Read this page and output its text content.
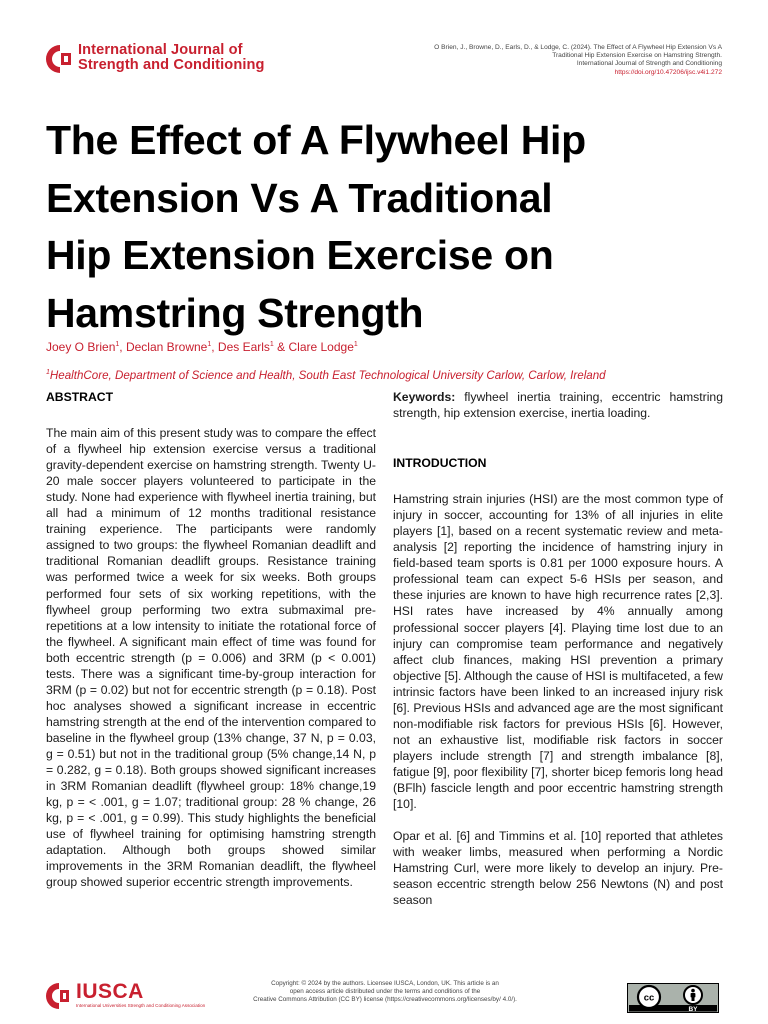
International Journal of
Strength and Conditioning
O Brien, J., Browne, D., Earls, D., & Lodge, C. (2024). The Effect of A Flywheel Hip Extension Vs A
Traditional Hip Extension Exercise on Hamstring Strength.
International Journal of Strength and Conditioning
https://doi.org/10.47206/ijsc.v4i1.272
The Effect of A Flywheel Hip
Extension Vs A Traditional
Hip Extension Exercise on
Hamstring Strength
Joey O Brien$^1$, Declan Browne$^1$, Des Earls$^1$ & Clare Lodge$^1$
$^1$HealthCore, Department of Science and Health, South East Technological University Carlow, Carlow, Ireland

ABSTRACT

The main aim of this present study was to compare the effect of a flywheel hip extension exercise versus a traditional gravity-dependent exercise on hamstring strength. Twenty U-20 male soccer players volunteered to participate in the study. None had experience with flywheel inertia training, but all had a minimum of 12 months traditional resistance training experience. The participants were randomly assigned to two groups: the flywheel Romanian deadlift and traditional Romanian deadlift groups. Resistance training was performed twice a week for six weeks. Both groups performed four sets of six working repetitions, with the flywheel group performing two extra submaximal pre-repetitions at a low intensity to initiate the rotational force of the flywheel. A significant main effect of time was found for both eccentric strength (p = 0.006) and 3RM (p < 0.001) tests. There was a significant time-by-group interaction for 3RM (p = 0.02) but not for eccentric strength (p = 0.18). Post hoc analyses showed a significant increase in eccentric hamstring strength at the end of the intervention compared to baseline in the flywheel group (13% change, 37 N, p = 0.03, g = 0.51) but not in the traditional group (5% change,14 N, p = 0.282, g = 0.18). Both groups showed significant increases in 3RM Romanian deadlift (flywheel group: 18% change,19 kg, p = < .001, g = 1.07; traditional group: 28 % change, 26 kg, p = < .001, g = 0.99). This study highlights the beneficial use of flywheel training for optimising hamstring strength adaptation. Although both groups showed similar improvements in the 3RM Romanian deadlift, the flywheel group showed superior eccentric strength improvements.

Keywords: flywheel inertia training, eccentric hamstring strength, hip extension exercise, inertia loading.

INTRODUCTION

Hamstring strain injuries (HSI) are the most common type of injury in soccer, accounting for 13% of all injuries in elite players [1], based on a recent systematic review and meta-analysis [2] reporting the incidence of hamstring injury in field-based team sports is 0.81 per 1000 exposure hours. A professional team can expect 5-6 HSIs per season, and these injuries are known to have high recurrence rates [2,3]. HSI rates have increased by 4% annually among professional soccer players [4]. Playing time lost due to an injury can compromise team performance and negatively affect club finances, making HSI prevention a primary objective [5]. Although the cause of HSI is multifaceted, a few intrinsic factors have been linked to an increased injury risk [6]. Previous HSIs and advanced age are the most significant non-modifiable risk factors for previous HSIs [6]. However, not an exhaustive list, modifiable risk factors in soccer players include strength [7] and strength imbalance [8], fatigue [9], poor flexibility [7], shorter bicep femoris long head (BFlh) fascicle length and poor eccentric hamstring strength [10].

Opar et al. [6] and Timmins et al. [10] reported that athletes with weaker limbs, measured when performing a Nordic Hamstring Curl, were more likely to develop an injury. Pre-season eccentric strength below 256 Newtons (N) and post season

IUSCA
International Universities Strength and Conditioning Association
Copyright: © 2024 by the authors. Licensee IUSCA, London, UK. This article is an
open access article distributed under the terms and conditions of the
Creative Commons Attribution (CC BY) license (https://creativecommons.org/licenses/by/ 4.0/).	cc
BY
